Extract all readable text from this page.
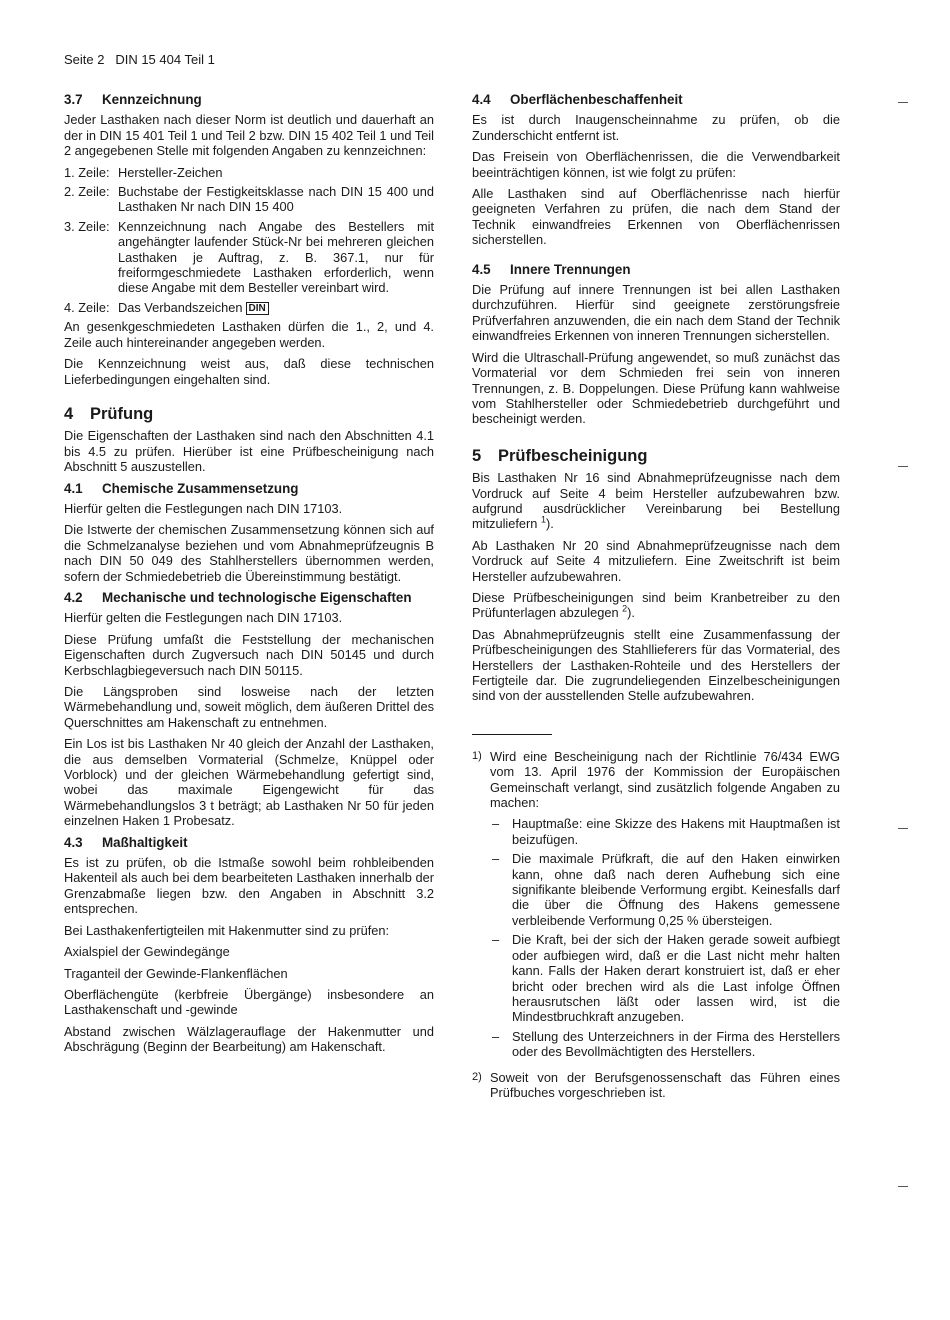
Seite 2 DIN 15 404 Teil 1
3.7 Kennzeichnung

Jeder Lasthaken nach dieser Norm ist deutlich und dauerhaft an der in DIN 15 401 Teil 1 und Teil 2 bzw. DIN 15 402 Teil 1 und Teil 2 angegebenen Stelle mit folgenden Angaben zu kennzeichnen:

1. Zeile: Hersteller-Zeichen
2. Zeile: Buchstabe der Festigkeitsklasse nach DIN 15 400 und Lasthaken Nr nach DIN 15 400
3. Zeile: Kennzeichnung nach Angabe des Bestellers mit angehängter laufender Stück-Nr bei mehreren gleichen Lasthaken je Auftrag, z. B. 367.1, nur für freiformgeschmiedete Lasthaken erforderlich, wenn diese Angabe mit dem Besteller vereinbart wird.
4. Zeile: Das Verbandszeichen DIN

An gesenkgeschmiedeten Lasthaken dürfen die 1., 2, und 4. Zeile auch hintereinander angegeben werden.

Die Kennzeichnung weist aus, daß diese technischen Lieferbedingungen eingehalten sind.

4 Prüfung

Die Eigenschaften der Lasthaken sind nach den Abschnitten 4.1 bis 4.5 zu prüfen. Hierüber ist eine Prüfbescheinigung nach Abschnitt 5 auszustellen.

4.1 Chemische Zusammensetzung

Hierfür gelten die Festlegungen nach DIN 17103.

Die Istwerte der chemischen Zusammensetzung können sich auf die Schmelzanalyse beziehen und vom Abnahmeprüfzeugnis B nach DIN 50 049 des Stahlherstellers übernommen werden, sofern der Schmiedebetrieb die Übereinstimmung bestätigt.

4.2 Mechanische und technologische Eigenschaften

Hierfür gelten die Festlegungen nach DIN 17103.

Diese Prüfung umfaßt die Feststellung der mechanischen Eigenschaften durch Zugversuch nach DIN 50145 und durch Kerbschlagbiegeversuch nach DIN 50115.

Die Längsproben sind losweise nach der letzten Wärmebehandlung und, soweit möglich, dem äußeren Drittel des Querschnittes am Hakenschaft zu entnehmen.

Ein Los ist bis Lasthaken Nr 40 gleich der Anzahl der Lasthaken, die aus demselben Vormaterial (Schmelze, Knüppel oder Vorblock) und der gleichen Wärmebehandlung gefertigt sind, wobei das maximale Eigengewicht für das Wärmebehandlungslos 3 t beträgt; ab Lasthaken Nr 50 für jeden einzelnen Haken 1 Probesatz.

4.3 Maßhaltigkeit

Es ist zu prüfen, ob die Istmaße sowohl beim rohbleibenden Hakenteil als auch bei dem bearbeiteten Lasthaken innerhalb der Grenzabmaße liegen bzw. den Angaben in Abschnitt 3.2 entsprechen.

Bei Lasthakenfertigteilen mit Hakenmutter sind zu prüfen:

Axialspiel der Gewindegänge

Traganteil der Gewinde-Flankenflächen

Oberflächengüte (kerbfreie Übergänge) insbesondere an Lasthakenschaft und -gewinde

Abstand zwischen Wälzlagerauflage der Hakenmutter und Abschrägung (Beginn der Bearbeitung) am Hakenschaft.

4.4 Oberflächenbeschaffenheit

Es ist durch Inaugenscheinnahme zu prüfen, ob die Zunderschicht entfernt ist.

Das Freisein von Oberflächenrissen, die die Verwendbarkeit beeinträchtigen können, ist wie folgt zu prüfen:

Alle Lasthaken sind auf Oberflächenrisse nach hierfür geeigneten Verfahren zu prüfen, die nach dem Stand der Technik einwandfreies Erkennen von Oberflächenrissen sicherstellen.

4.5 Innere Trennungen

Die Prüfung auf innere Trennungen ist bei allen Lasthaken durchzuführen. Hierfür sind geeignete zerstörungsfreie Prüfverfahren anzuwenden, die ein nach dem Stand der Technik einwandfreies Erkennen von inneren Trennungen sicherstellen.

Wird die Ultraschall-Prüfung angewendet, so muß zunächst das Vormaterial vor dem Schmieden frei sein von inneren Trennungen, z. B. Doppelungen. Diese Prüfung kann wahlweise vom Stahlhersteller oder Schmiedebetrieb durchgeführt und bescheinigt werden.

5 Prüfbescheinigung

Bis Lasthaken Nr 16 sind Abnahmeprüfzeugnisse nach dem Vordruck auf Seite 4 beim Hersteller aufzubewahren bzw. aufgrund ausdrücklicher Vereinbarung bei Bestellung mitzuliefern $^1$).

Ab Lasthaken Nr 20 sind Abnahmeprüfzeugnisse nach dem Vordruck auf Seite 4 mitzuliefern. Eine Zweitschrift ist beim Hersteller aufzubewahren.

Diese Prüfbescheinigungen sind beim Kranbetreiber zu den Prüfunterlagen abzulegen $^2$).

Das Abnahmeprüfzeugnis stellt eine Zusammenfassung der Prüfbescheinigungen des Stahllieferers für das Vormaterial, des Herstellers der Lasthaken-Rohteile und des Herstellers der Fertigteile dar. Die zugrundeliegenden Einzelbescheinigungen sind von der ausstellenden Stelle aufzubewahren.

1) Wird eine Bescheinigung nach der Richtlinie 76/434 EWG vom 13. April 1976 der Kommission der Europäischen Gemeinschaft verlangt, sind zusätzlich folgende Angaben zu machen:

–	Hauptmaße: eine Skizze des Hakens mit Hauptmaßen ist beizufügen.
–	Die maximale Prüfkraft, die auf den Haken einwirken kann, ohne daß nach deren Aufhebung sich eine signifikante bleibende Verformung ergibt. Keinesfalls darf die über die Öffnung des Hakens gemessene verbleibende Verformung 0,25 % übersteigen.
–	Die Kraft, bei der sich der Haken gerade soweit aufbiegt oder aufbiegen wird, daß er die Last nicht mehr halten kann. Falls der Haken derart konstruiert ist, daß er eher bricht oder brechen wird als die Last infolge Öffnen herausrutschen läßt oder lassen wird, ist die Mindestbruchkraft anzugeben.
–	Stellung des Unterzeichners in der Firma des Herstellers oder des Bevollmächtigten des Herstellers.
2) Soweit von der Berufsgenossenschaft das Führen eines Prüfbuches vorgeschrieben ist.
